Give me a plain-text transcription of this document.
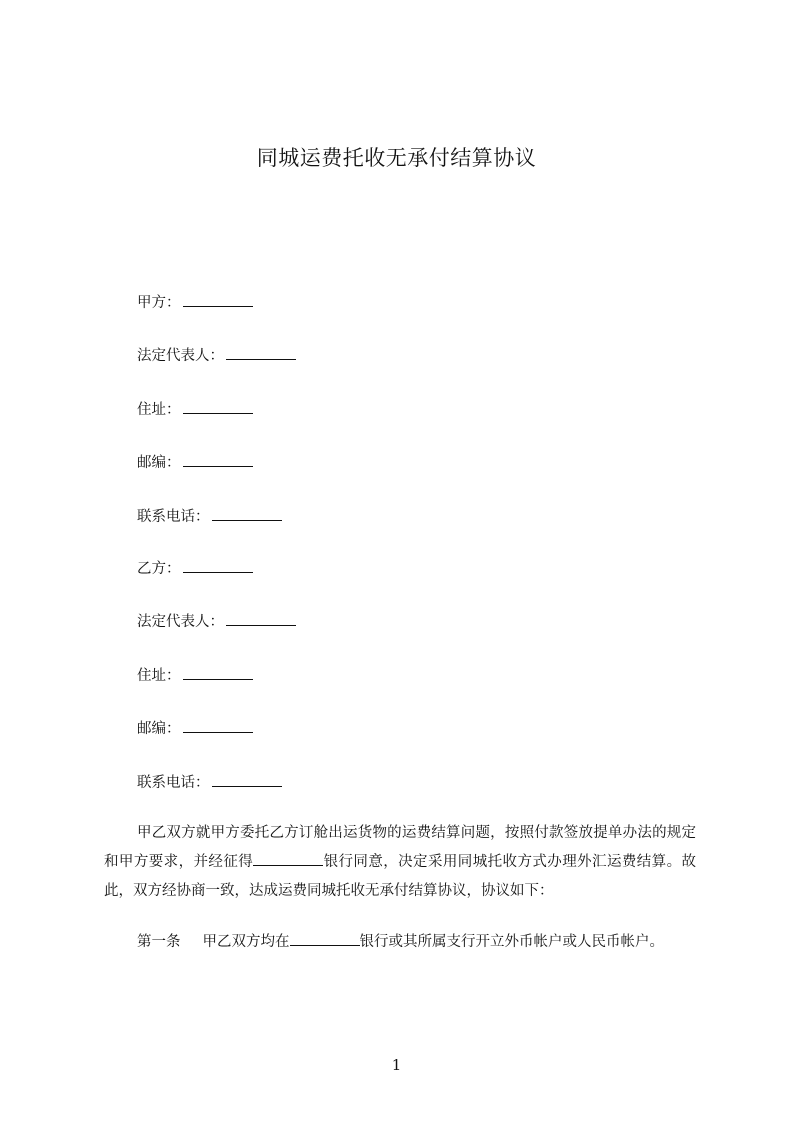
同城运费托收无承付结算协议
甲方：
法定代表人：
住址：
邮编：
联系电话：
乙方：
法定代表人：
住址：
邮编：
联系电话：

甲乙双方就甲方委托乙方订舱出运货物的运费结算问题，按照付款签放提单办法的规定和甲方要求，并经征得	银行同意，决定采用同城托收方式办理外汇运费结算。故此，双方经协商一致，达成运费同城托收无承付结算协议，协议如下：

第一条 甲乙双方均在	银行或其所属支行开立外币帐户或人民币帐户。
1
